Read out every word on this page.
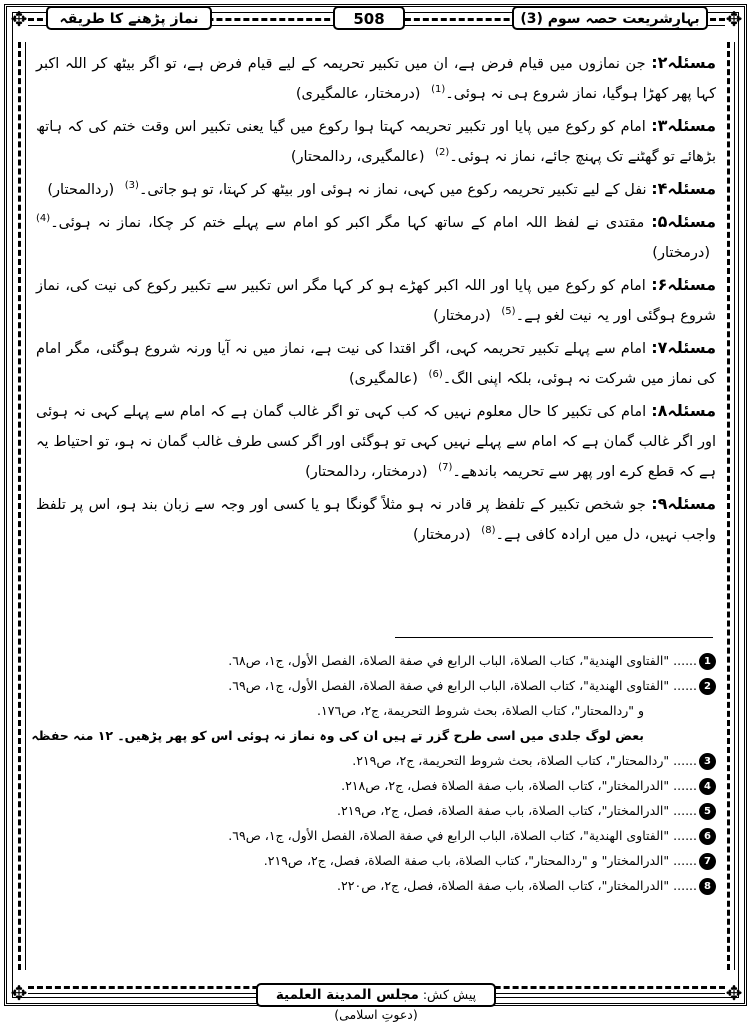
✥	✥
✥	✥
نماز پڑھنے کا طریقہ	508	بہارِشریعت حصہ سوم (3)

مسئلہ۲: جن نمازوں میں قیام فرض ہے، ان میں تکبیر تحریمہ کے لیے قیام فرض ہے، تو اگر بیٹھ کر اللہ اکبر کہا پھر کھڑا ہوگیا، نماز شروع ہی نہ ہوئی۔$^{(1)}$ (درمختار، عالمگیری)

مسئلہ۳: امام کو رکوع میں پایا اور تکبیر تحریمہ کہتا ہوا رکوع میں گیا یعنی تکبیر اس وقت ختم کی کہ ہاتھ بڑھائے تو گھٹنے تک پہنچ جائے، نماز نہ ہوئی۔$^{(2)}$ (عالمگیری، ردالمحتار)

مسئلہ۴: نفل کے لیے تکبیر تحریمہ رکوع میں کہی، نماز نہ ہوئی اور بیٹھ کر کہتا، تو ہو جاتی۔$^{(3)}$ (ردالمحتار)

مسئلہ۵: مقتدی نے لفظ اللہ امام کے ساتھ کہا مگر اکبر کو امام سے پہلے ختم کر چکا، نماز نہ ہوئی۔$^{(4)}$ (درمختار)

مسئلہ۶: امام کو رکوع میں پایا اور اللہ اکبر کھڑے ہو کر کہا مگر اس تکبیر سے تکبیر رکوع کی نیت کی، نماز شروع ہوگئی اور یہ نیت لغو ہے۔$^{(5)}$ (درمختار)

مسئلہ۷: امام سے پہلے تکبیر تحریمہ کہی، اگر اقتدا کی نیت ہے، نماز میں نہ آیا ورنہ شروع ہوگئی، مگر امام کی نماز میں شرکت نہ ہوئی، بلکہ اپنی الگ۔$^{(6)}$ (عالمگیری)

مسئلہ۸: امام کی تکبیر کا حال معلوم نہیں کہ کب کہی تو اگر غالب گمان ہے کہ امام سے پہلے کہی نہ ہوئی اور اگر غالب گمان ہے کہ امام سے پہلے نہیں کہی تو ہوگئی اور اگر کسی طرف غالب گمان نہ ہو، تو احتیاط یہ ہے کہ قطع کرے اور پھر سے تحریمہ باندھے۔$^{(7)}$ (درمختار، ردالمحتار)

مسئلہ۹: جو شخص تکبیر کے تلفظ پر قادر نہ ہو مثلاً گونگا ہو یا کسی اور وجہ سے زبان بند ہو، اس پر تلفظ واجب نہیں، دل میں ارادہ کافی ہے۔$^{(8)}$ (درمختار)

1......"الفتاوى الهندية"، كتاب الصلاة، الباب الرابع في صفة الصلاة، الفصل الأول، ج١، ص٦٨.
2......"الفتاوى الهندية"، كتاب الصلاة، الباب الرابع في صفة الصلاة، الفصل الأول، ج١، ص٦٩.
و "ردالمحتار"، كتاب الصلاة، بحث شروط التحريمة، ج٢، ص١٧٦.
بعض لوگ جلدی میں اسی طرح گزر تے ہیں ان کی وہ نماز نہ ہوئی اس کو پھر پڑھیں۔ ۱۲ منہ حفظہ
3......"ردالمحتار"، كتاب الصلاة، بحث شروط التحريمة، ج٢، ص٢١٩.
4......"الدرالمختار"، كتاب الصلاة، باب صفة الصلاة فصل، ج٢، ص٢١٨.
5......"الدرالمختار"، كتاب الصلاة، باب صفة الصلاة، فصل، ج٢، ص٢١٩.
6......"الفتاوى الهندية"، كتاب الصلاة، الباب الرابع في صفة الصلاة، الفصل الأول، ج١، ص٦٩.
7......"الدرالمختار" و "ردالمحتار"، كتاب الصلاة، باب صفة الصلاة، فصل، ج٢، ص٢١٩.
8......"الدرالمختار"، كتاب الصلاة، باب صفة الصلاة، فصل، ج٢، ص٢٢٠.
پیش کش: مجلس المدينة العلمية (دعوتِ اسلامی)
